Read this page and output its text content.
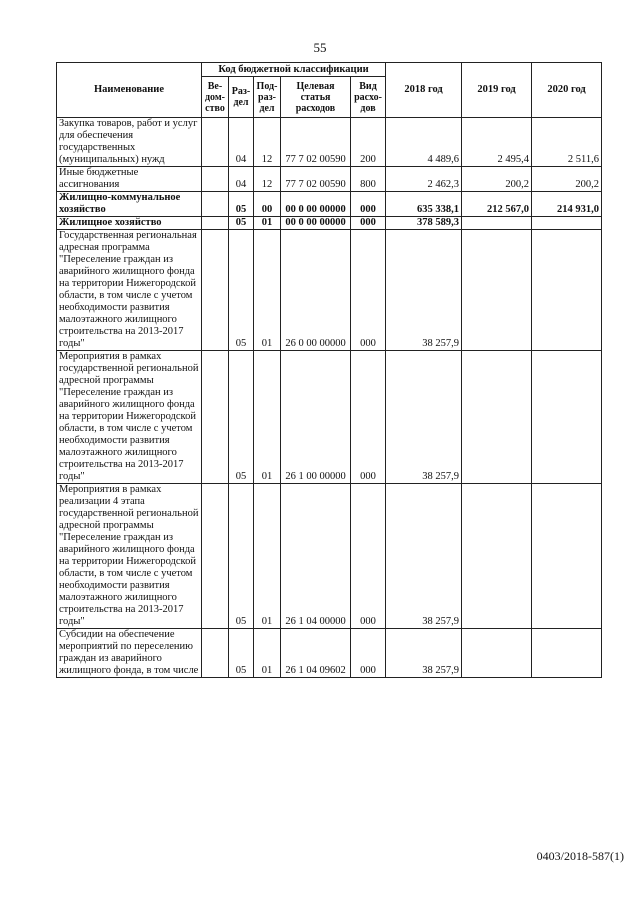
55
Наименование	Код бюджетной классификации					2018 год	2019 год	2020 год
	Ве-дом-ство	Раз-дел	Под-раз-дел	Целевая статья расходов	Вид расхо-дов			
Закупка товаров, работ и услуг для обеспечения государственных (муниципальных) нужд		04	12	77 7 02 00590	200	4 489,6	2 495,4	2 511,6
Иные бюджетные ассигнования		04	12	77 7 02 00590	800	2 462,3	200,2	200,2
Жилищно-коммунальное хозяйство		05	00	00 0 00 00000	000	635 338,1	212 567,0	214 931,0
Жилищное хозяйство		05	01	00 0 00 00000	000	378 589,3		
Государственная региональная адресная программа "Переселение граждан из аварийного жилищного фонда на территории Нижегородской области, в том числе с учетом необходимости развития малоэтажного жилищного строительства на 2013-2017 годы"		05	01	26 0 00 00000	000	38 257,9		
Мероприятия в рамках государственной региональной адресной программы "Переселение граждан из аварийного жилищного фонда на территории Нижегородской области, в том числе с учетом необходимости развития малоэтажного жилищного строительства на 2013-2017 годы"		05	01	26 1 00 00000	000	38 257,9		
Мероприятия в рамках реализации 4 этапа государственной региональной адресной программы "Переселение граждан из аварийного жилищного фонда на территории Нижегородской области, в том числе с учетом необходимости развития малоэтажного жилищного строительства на 2013-2017 годы"		05	01	26 1 04 00000	000	38 257,9		
Субсидии на обеспечение мероприятий по переселению граждан из аварийного жилищного фонда, в том числе		05	01	26 1 04 09602	000	38 257,9		
0403/2018-587(1)
